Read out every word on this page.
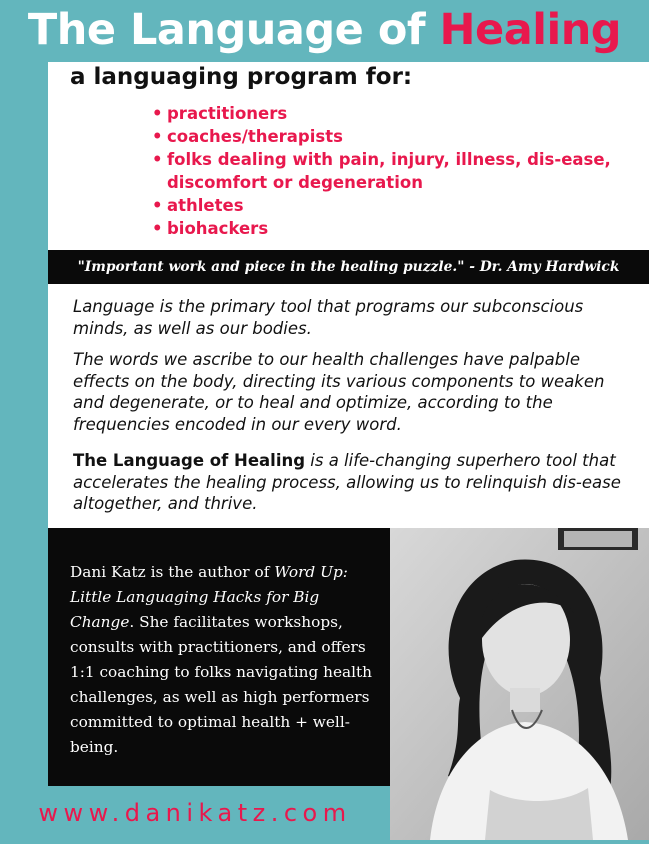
The Language of Healing
a languaging program for:
• practitioners
• coaches/therapists
• folks dealing with pain, injury, illness, dis-ease, discomfort or degeneration
• athletes
• biohackers
"Important work and piece in the healing puzzle." - Dr. Amy Hardwick

Language is the primary tool that programs our subconscious minds, as well as our bodies.

The words we ascribe to our health challenges have palpable effects on the body, directing its various components to weaken and degenerate, or to heal and optimize, according to the frequencies encoded in our every word.

The Language of Healing is a life-changing superhero tool that accelerates the healing process, allowing us to relinquish dis-ease altogether, and thrive.

Dani Katz is the author of Word Up: Little Languaging Hacks for Big Change. She facilitates workshops, consults with practitioners, and offers 1:1 coaching to folks navigating health challenges, as well as high performers committed to optimal health + well-being.

www.danikatz.com
